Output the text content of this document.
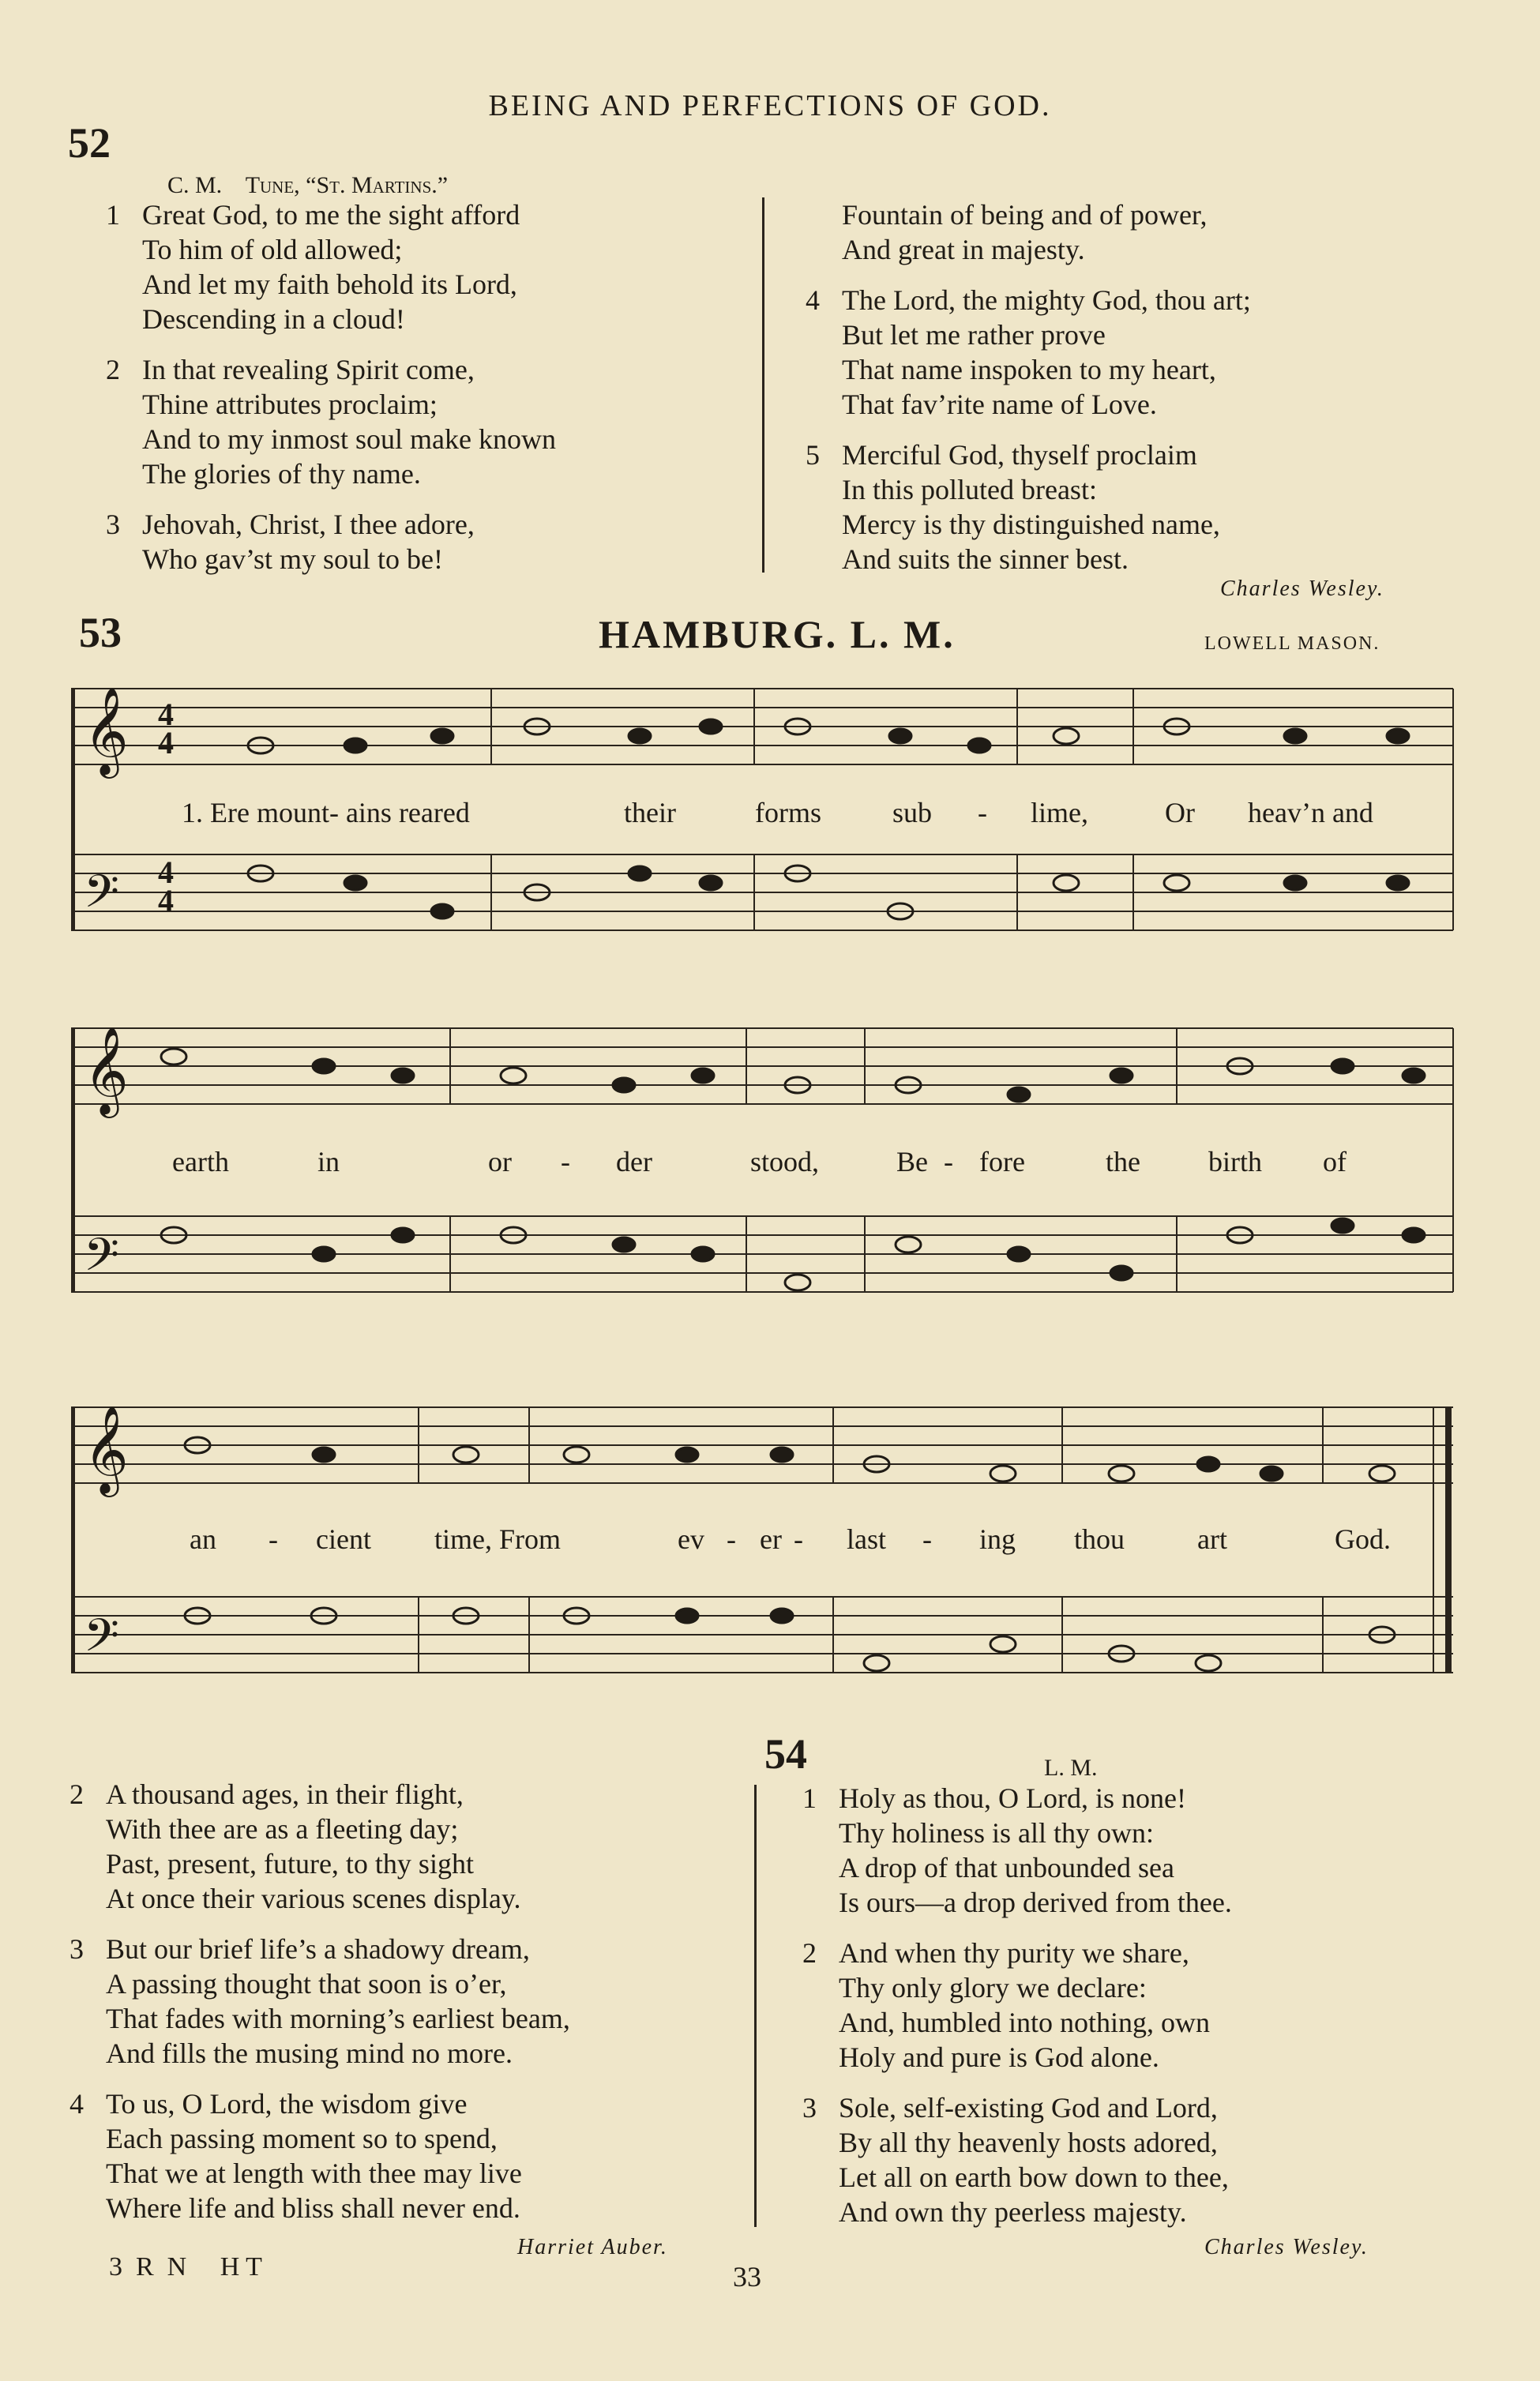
BEING AND PERFECTIONS OF GOD.
52
C. M. Tune, “St. Martins.”
1 Great God, to me the sight afford
To him of old allowed;
And let my faith behold its Lord,
Descending in a cloud!
2 In that revealing Spirit come,
Thine attributes proclaim;
And to my inmost soul make known
The glories of thy name.
3 Jehovah, Christ, I thee adore,
Who gav’st my soul to be!
Fountain of being and of power,
And great in majesty.
4 The Lord, the mighty God, thou art;
But let me rather prove
That name inspoken to my heart,
That fav’rite name of Love.
5 Merciful God, thyself proclaim
In this polluted breast:
Mercy is thy distinguished name,
And suits the sinner best.
Charles Wesley.
53	HAMBURG. L. M.	LOWELL MASON.
𝄞
𝄢
4
4
4
4
1. Ere mount- ains reared	their	forms	sub - lime,	Or heav’n and
𝄞
𝄢
earth	in	or - der	stood,	Be - fore	the birth of
𝄞
𝄢
an - cient time, From	ev - er - last - ing thou	art	God.
2 A thousand ages, in their flight,
With thee are as a fleeting day;
Past, present, future, to thy sight
At once their various scenes display.
3 But our brief life’s a shadowy dream,
A passing thought that soon is o’er,
That fades with morning’s earliest beam,
And fills the musing mind no more.
4 To us, O Lord, the wisdom give
Each passing moment so to spend,
That we at length with thee may live
Where life and bliss shall never end.
Harriet Auber.
54	L. M.
1 Holy as thou, O Lord, is none!
Thy holiness is all thy own:
A drop of that unbounded sea
Is ours—a drop derived from thee.
2 And when thy purity we share,
Thy only glory we declare:
And, humbled into nothing, own
Holy and pure is God alone.
3 Sole, self-existing God and Lord,
By all thy heavenly hosts adored,
Let all on earth bow down to thee,
And own thy peerless majesty.
Charles Wesley.
3  R  N     H T	33
